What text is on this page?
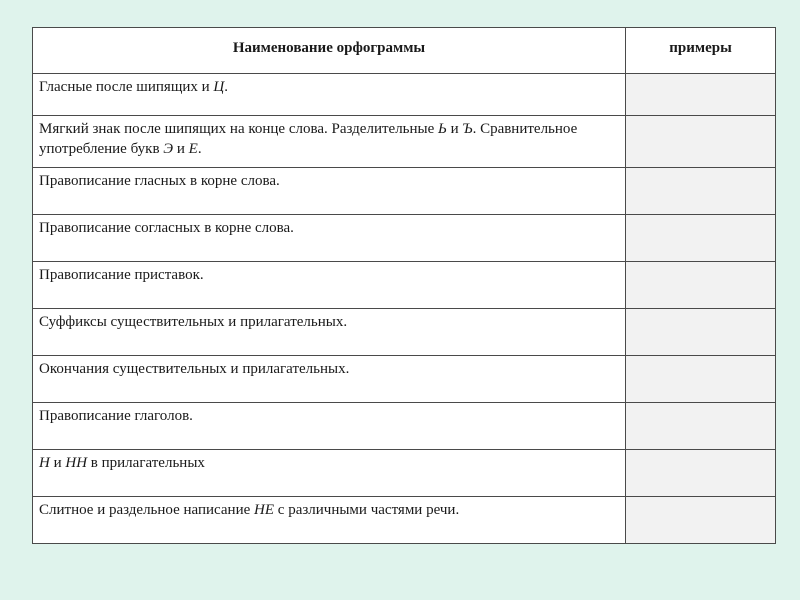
Наименование орфограммы	примеры
Гласные после шипящих и Ц.	
Мягкий знак после шипящих на конце слова. Разделительные Ь и Ъ. Сравнительное употребление букв Э и Е.	
Правописание гласных в корне слова.	
Правописание согласных в корне слова.	
Правописание приставок.	
Суффиксы существительных и прилагательных.	
Окончания существительных и прилагательных.	
Правописание глаголов.	
Н и НН в прилагательных	
Слитное и раздельное написание НЕ с различными частями речи.	
